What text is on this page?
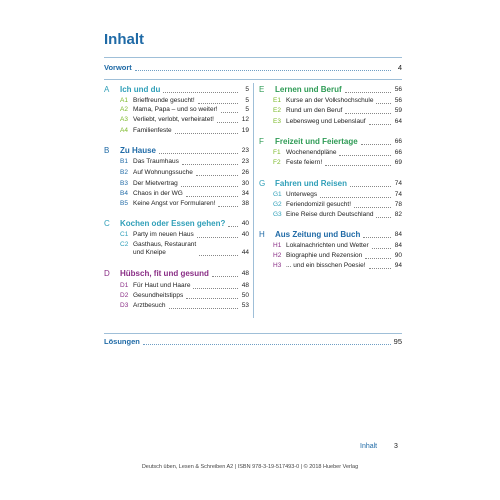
Inhalt
Vorwort	4
A	Ich und du	5
A1 Brieffreunde gesucht!	5
A2 Mama, Papa – und so weiter!	5
A3 Verliebt, verlobt, verheiratet!	12
A4 Familienfeste	19
B	Zu Hause	23
B1 Das Traumhaus	23
B2 Auf Wohnungssuche	26
B3 Der Mietvertrag	30
B4 Chaos in der WG	34
B5 Keine Angst vor Formularen!	38
C	Kochen oder Essen gehen?	40
C1 Party im neuen Haus	40
C2 Gasthaus, Restaurant
und Kneipe	44
D	Hübsch, fit und gesund	48
D1 Für Haut und Haare	48
D2 Gesundheitstipps	50
D3 Arztbesuch	53
E	Lernen und Beruf	56
E1 Kurse an der Volkshochschule	56
E2 Rund um den Beruf	59
E3 Lebensweg und Lebenslauf	64
F	Freizeit und Feiertage	66
F1 Wochenendpläne	66
F2 Feste feiern!	69
G	Fahren und Reisen	74
G1 Unterwegs	74
G2 Feriendomizil gesucht!	78
G3 Eine Reise durch Deutschland	82
H	Aus Zeitung und Buch	84
H1 Lokalnachrichten und Wetter	84
H2 Biographie und Rezension	90
H3 ... und ein bisschen Poesie!	94
Lösungen	95
Inhalt 3
Deutsch üben, Lesen & Schreiben A2 | ISBN 978-3-19-517493-0 | © 2018 Hueber Verlag
